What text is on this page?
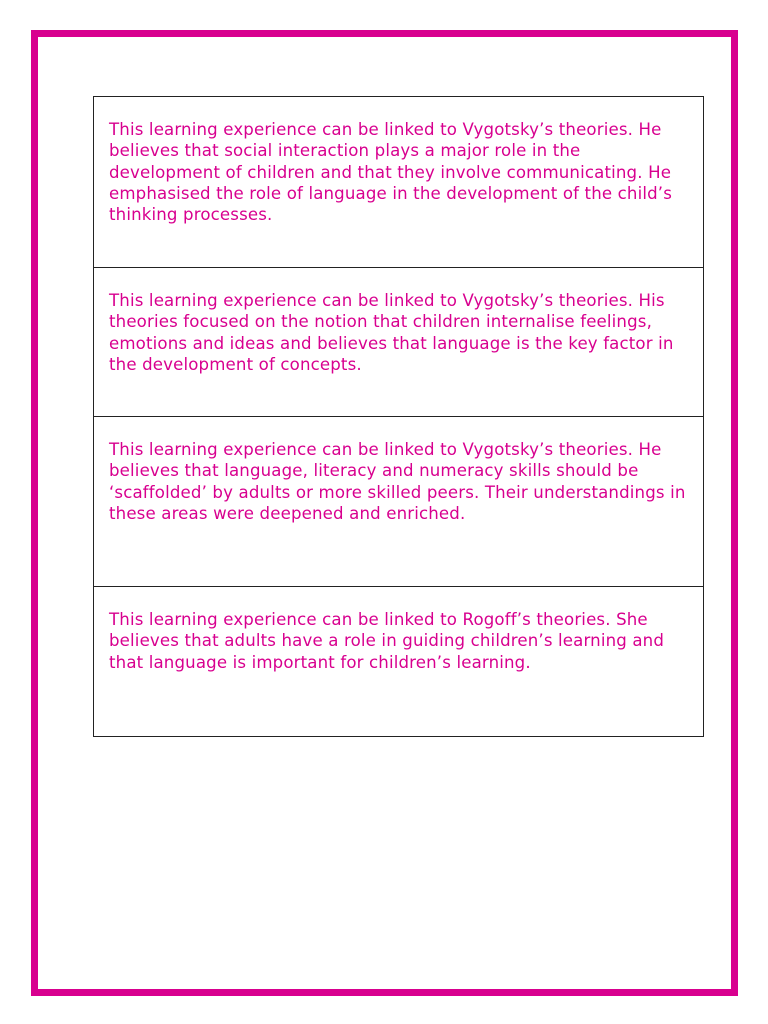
This learning experience can be linked to Vygotsky’s theories. He believes that social interaction plays a major role in the development of children and that they involve communicating. He emphasised the role of language in the development of the child’s thinking processes.

This learning experience can be linked to Vygotsky’s theories. His theories focused on the notion that children internalise feelings, emotions and ideas and believes that language is the key factor in the development of concepts.

This learning experience can be linked to Vygotsky’s theories. He believes that language, literacy and numeracy skills should be ‘scaffolded’ by adults or more skilled peers. Their understandings in these areas were deepened and enriched.

This learning experience can be linked to Rogoff’s theories. She believes that adults have a role in guiding children’s learning and that language is important for children’s learning.
